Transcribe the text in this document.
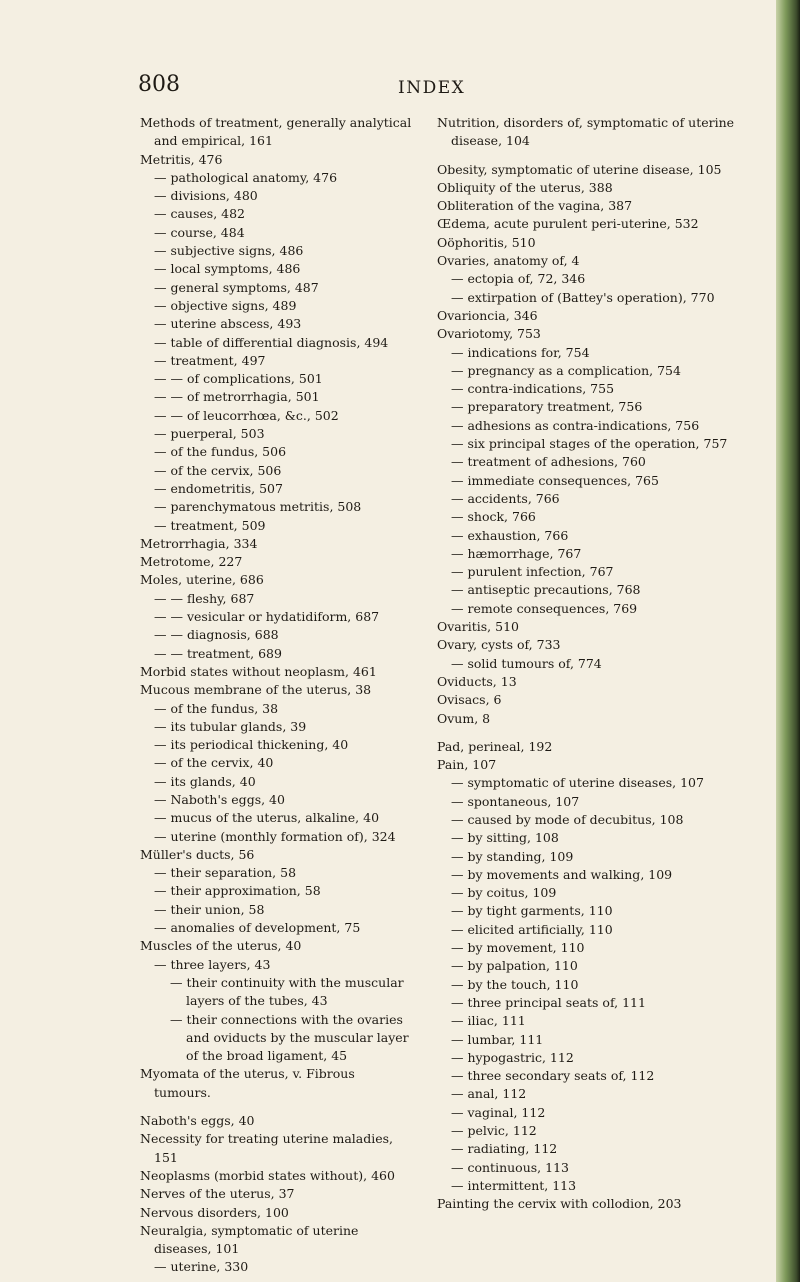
808	INDEX
Methods of treatment, generally analytical and empirical, 161
Metritis, 476
— pathological anatomy, 476
— divisions, 480
— causes, 482
— course, 484
— subjective signs, 486
— local symptoms, 486
— general symptoms, 487
— objective signs, 489
— uterine abscess, 493
— table of differential diagnosis, 494
— treatment, 497
— — of complications, 501
— — of metrorrhagia, 501
— — of leucorrhœa, &c., 502
— puerperal, 503
— of the fundus, 506
— of the cervix, 506
— endometritis, 507
— parenchymatous metritis, 508
— treatment, 509
Metrorrhagia, 334
Metrotome, 227
Moles, uterine, 686
— — fleshy, 687
— — vesicular or hydatidiform, 687
— — diagnosis, 688
— — treatment, 689
Morbid states without neoplasm, 461
Mucous membrane of the uterus, 38
— of the fundus, 38
— its tubular glands, 39
— its periodical thickening, 40
— of the cervix, 40
— its glands, 40
— Naboth's eggs, 40
— mucus of the uterus, alkaline, 40
— uterine (monthly formation of), 324
Müller's ducts, 56
— their separation, 58
— their approximation, 58
— their union, 58
— anomalies of development, 75
Muscles of the uterus, 40
— three layers, 43
— their continuity with the muscular layers of the tubes, 43
— their connections with the ovaries and oviducts by the muscular layer of the broad ligament, 45
Myomata of the uterus, v. Fibrous tumours.
Naboth's eggs, 40
Necessity for treating uterine maladies, 151
Neoplasms (morbid states without), 460
Nerves of the uterus, 37
Nervous disorders, 100
Neuralgia, symptomatic of uterine diseases, 101
— uterine, 330
Nutrition, disorders of, symptomatic of uterine disease, 104
Obesity, symptomatic of uterine disease, 105
Obliquity of the uterus, 388
Obliteration of the vagina, 387
Œdema, acute purulent peri-uterine, 532
Oöphoritis, 510
Ovaries, anatomy of, 4
— ectopia of, 72, 346
— extirpation of (Battey's operation), 770
Ovarioncia, 346
Ovariotomy, 753
— indications for, 754
— pregnancy as a complication, 754
— contra-indications, 755
— preparatory treatment, 756
— adhesions as contra-indications, 756
— six principal stages of the operation, 757
— treatment of adhesions, 760
— immediate consequences, 765
— accidents, 766
— shock, 766
— exhaustion, 766
— hæmorrhage, 767
— purulent infection, 767
— antiseptic precautions, 768
— remote consequences, 769
Ovaritis, 510
Ovary, cysts of, 733
— solid tumours of, 774
Oviducts, 13
Ovisacs, 6
Ovum, 8
Pad, perineal, 192
Pain, 107
— symptomatic of uterine diseases, 107
— spontaneous, 107
— caused by mode of decubitus, 108
— by sitting, 108
— by standing, 109
— by movements and walking, 109
— by coitus, 109
— by tight garments, 110
— elicited artificially, 110
— by movement, 110
— by palpation, 110
— by the touch, 110
— three principal seats of, 111
— iliac, 111
— lumbar, 111
— hypogastric, 112
— three secondary seats of, 112
— anal, 112
— vaginal, 112
— pelvic, 112
— radiating, 112
— continuous, 113
— intermittent, 113
Painting the cervix with collodion, 203
